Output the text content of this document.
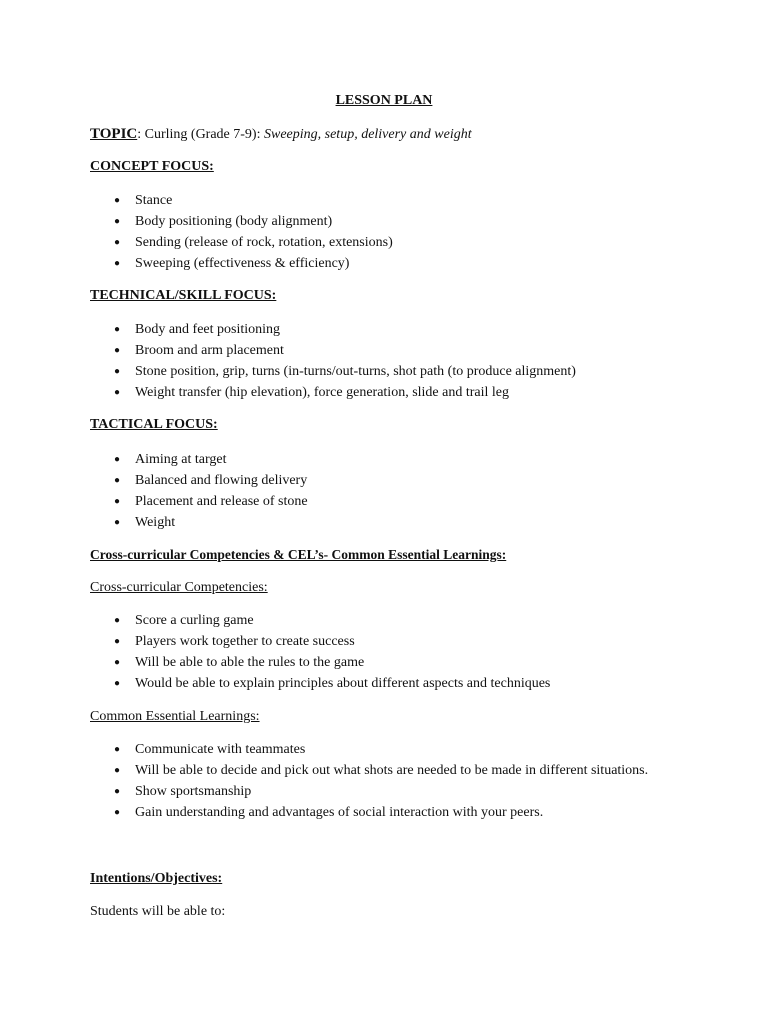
LESSON PLAN
TOPIC: Curling (Grade 7-9): Sweeping, setup, delivery and weight
CONCEPT FOCUS:
● Stance
● Body positioning (body alignment)
● Sending (release of rock, rotation, extensions)
● Sweeping (effectiveness & efficiency)
TECHNICAL/SKILL FOCUS:
● Body and feet positioning
● Broom and arm placement
● Stone position, grip, turns (in-turns/out-turns, shot path (to produce alignment)
● Weight transfer (hip elevation), force generation, slide and trail leg
TACTICAL FOCUS:
● Aiming at target
● Balanced and flowing delivery
● Placement and release of stone
● Weight
Cross-curricular Competencies & CEL’s- Common Essential Learnings:
Cross-curricular Competencies:
● Score a curling game
● Players work together to create success
● Will be able to able the rules to the game
● Would be able to explain principles about different aspects and techniques
Common Essential Learnings:
● Communicate with teammates
● Will be able to decide and pick out what shots are needed to be made in different situations.
● Show sportsmanship
● Gain understanding and advantages of social interaction with your peers.
Intentions/Objectives:
Students will be able to:
